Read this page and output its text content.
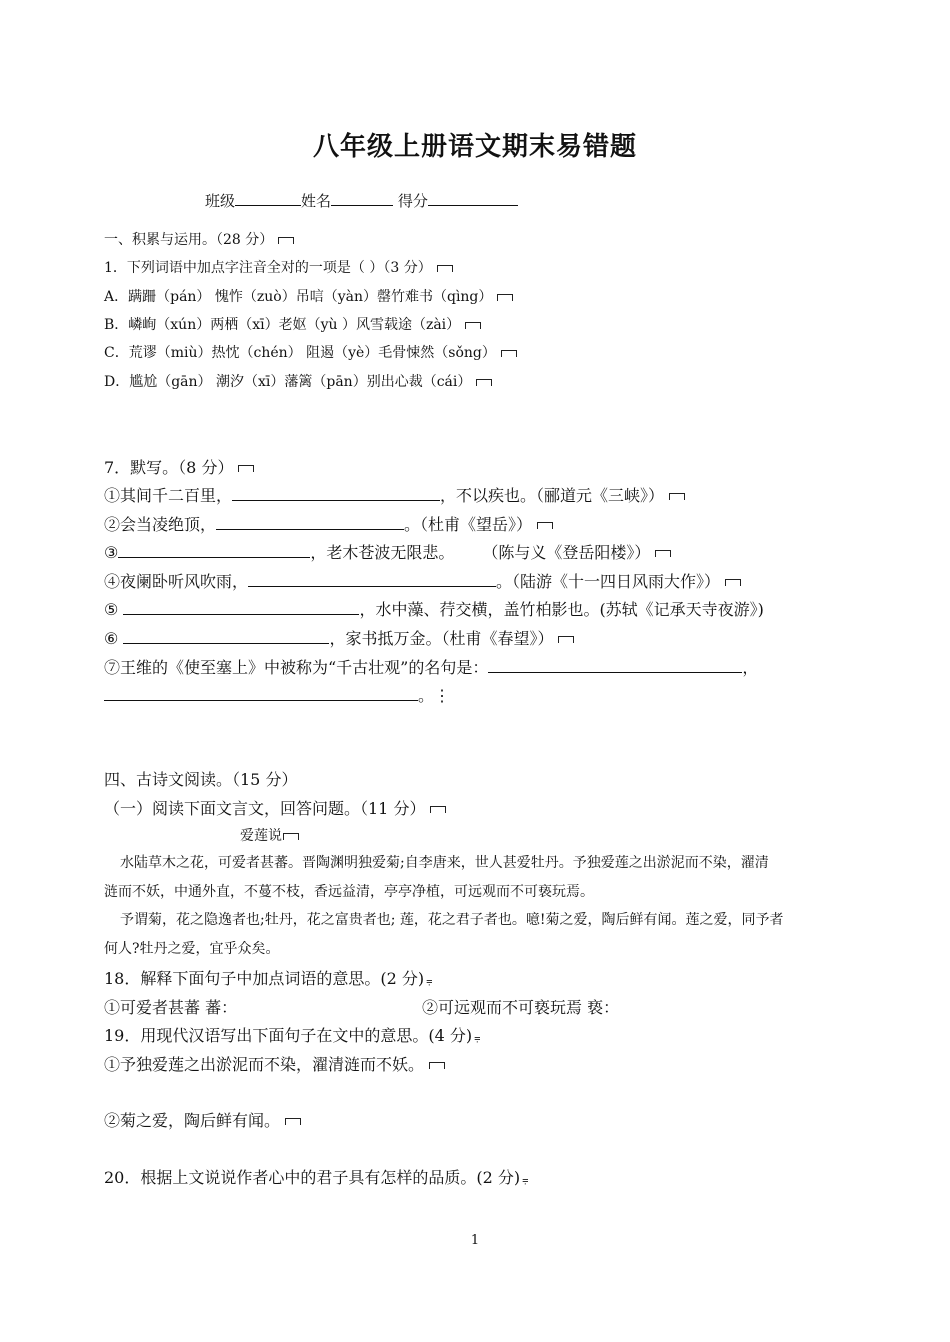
八年级上册语文期末易错题
班级	姓名	得分
一、积累与运用。（28 分）
1．下列词语中加点字注音全对的一项是（ ）（3 分）
A．蹒跚（pán） 愧怍（zuò）吊唁（yàn）罄竹难书（qìng）
B．嶙峋（xún）两栖（xī）老妪（yù ）风雪载途（zài）
C．荒谬（miù）热忱（chén） 阻遏（yè）毛骨悚然（sǒng）
D．尴尬（gān） 潮汐（xī）藩篱（pān）别出心裁（cái）
7．默写。（8 分）
①其间千二百里，	，不以疾也。（郦道元《三峡》）
②会当凌绝顶，	。（杜甫《望岳》）
③	，老木苍波无限悲。 （陈与义《登岳阳楼》）
④夜阑卧听风吹雨，	。（陆游《十一四日风雨大作》）
⑤	，水中藻、荇交横，盖竹柏影也。(苏轼《记承天寺夜游》)
⑥	，家书抵万金。（杜甫《春望》）
⑦王维的《使至塞上》中被称为“千古壮观”的名句是：	，
。⋮
四、古诗文阅读。（15 分）
（一）阅读下面文言文，回答问题。（11 分）
爱莲说
水陆草木之花，可爱者甚蕃。晋陶渊明独爱菊;自李唐来，世人甚爱牡丹。予独爱莲之出淤泥而不染，濯清
涟而不妖，中通外直，不蔓不枝，香远益清，亭亭净植，可远观而不可亵玩焉。
予谓菊，花之隐逸者也;牡丹，花之富贵者也; 莲，花之君子者也。噫!菊之爱，陶后鲜有闻。莲之爱，同予者
何人?牡丹之爱，宜乎众矣。
18．解释下面句子中加点词语的意思。(2 分) ⩦
①可爱者甚蕃 蕃：	②可远观而不可亵玩焉 亵：
19．用现代汉语写出下面句子在文中的意思。(4 分) ⩦
①予独爱莲之出淤泥而不染，濯清涟而不妖。
②菊之爱，陶后鲜有闻。
20．根据上文说说作者心中的君子具有怎样的品质。(2 分) ⩦
1
